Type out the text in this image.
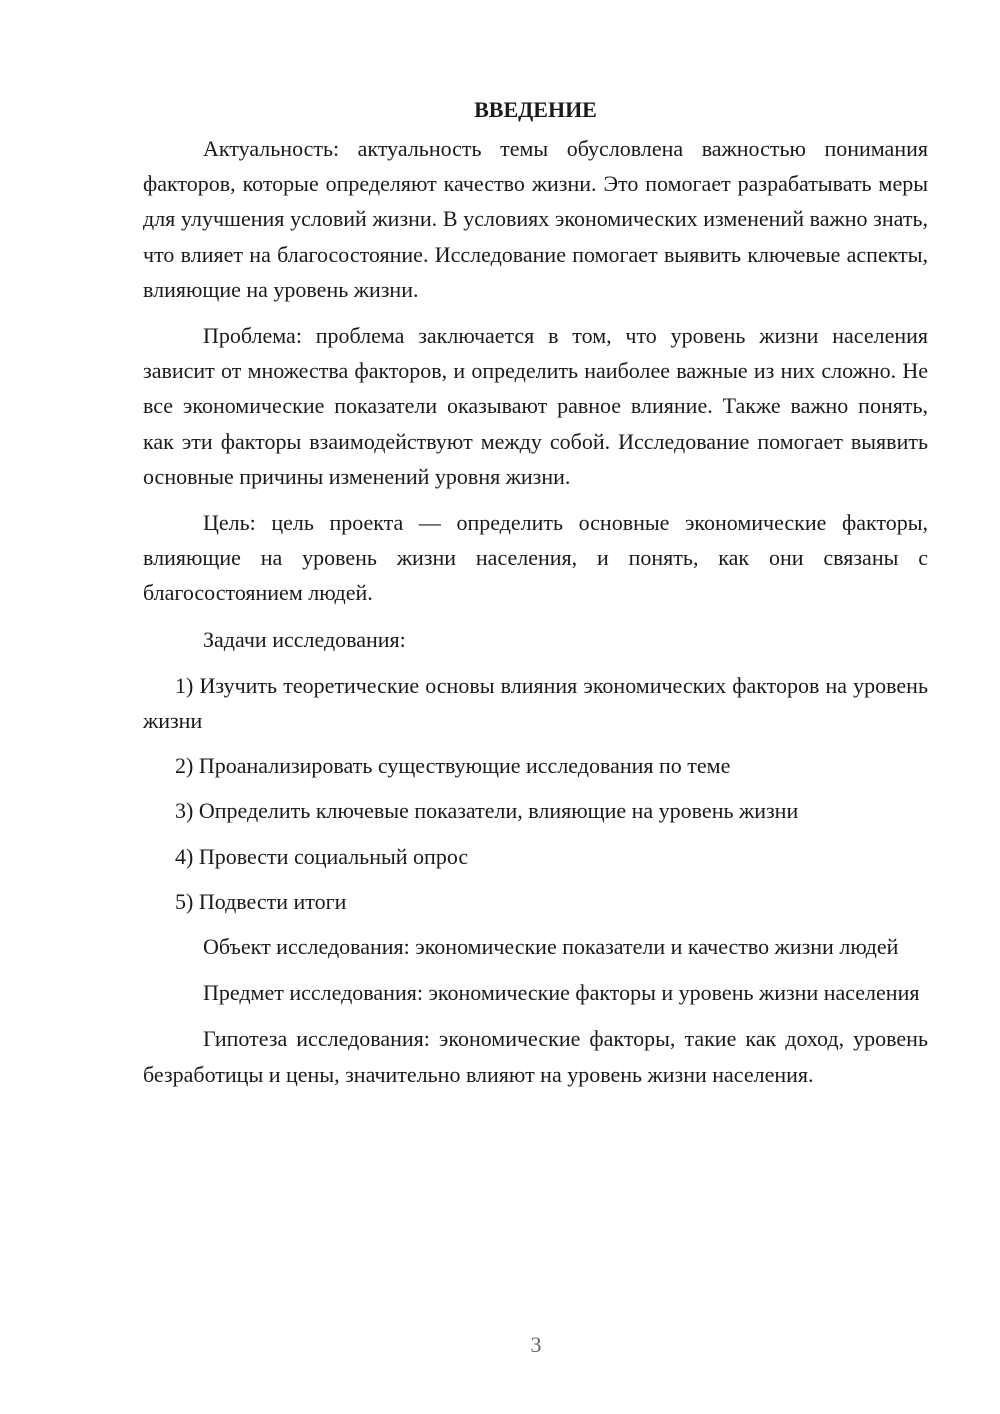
ВВЕДЕНИЕ

Актуальность: актуальность темы обусловлена важностью понимания факторов, которые определяют качество жизни. Это помогает разрабатывать меры для улучшения условий жизни. В условиях экономических изменений важно знать, что влияет на благосостояние. Исследование помогает выявить ключевые аспекты, влияющие на уровень жизни.

Проблема: проблема заключается в том, что уровень жизни населения зависит от множества факторов, и определить наиболее важные из них сложно. Не все экономические показатели оказывают равное влияние. Также важно понять, как эти факторы взаимодействуют между собой. Исследование помогает выявить основные причины изменений уровня жизни.

Цель: цель проекта — определить основные экономические факторы, влияющие на уровень жизни населения, и понять, как они связаны с благосостоянием людей.

Задачи исследования:

1) Изучить теоретические основы влияния экономических факторов на уровень жизни
2) Проанализировать существующие исследования по теме
3) Определить ключевые показатели, влияющие на уровень жизни
4) Провести социальный опрос
5) Подвести итоги

Объект исследования: экономические показатели и качество жизни людей

Предмет исследования: экономические факторы и уровень жизни населения

Гипотеза исследования: экономические факторы, такие как доход, уровень безработицы и цены, значительно влияют на уровень жизни населения.

3
